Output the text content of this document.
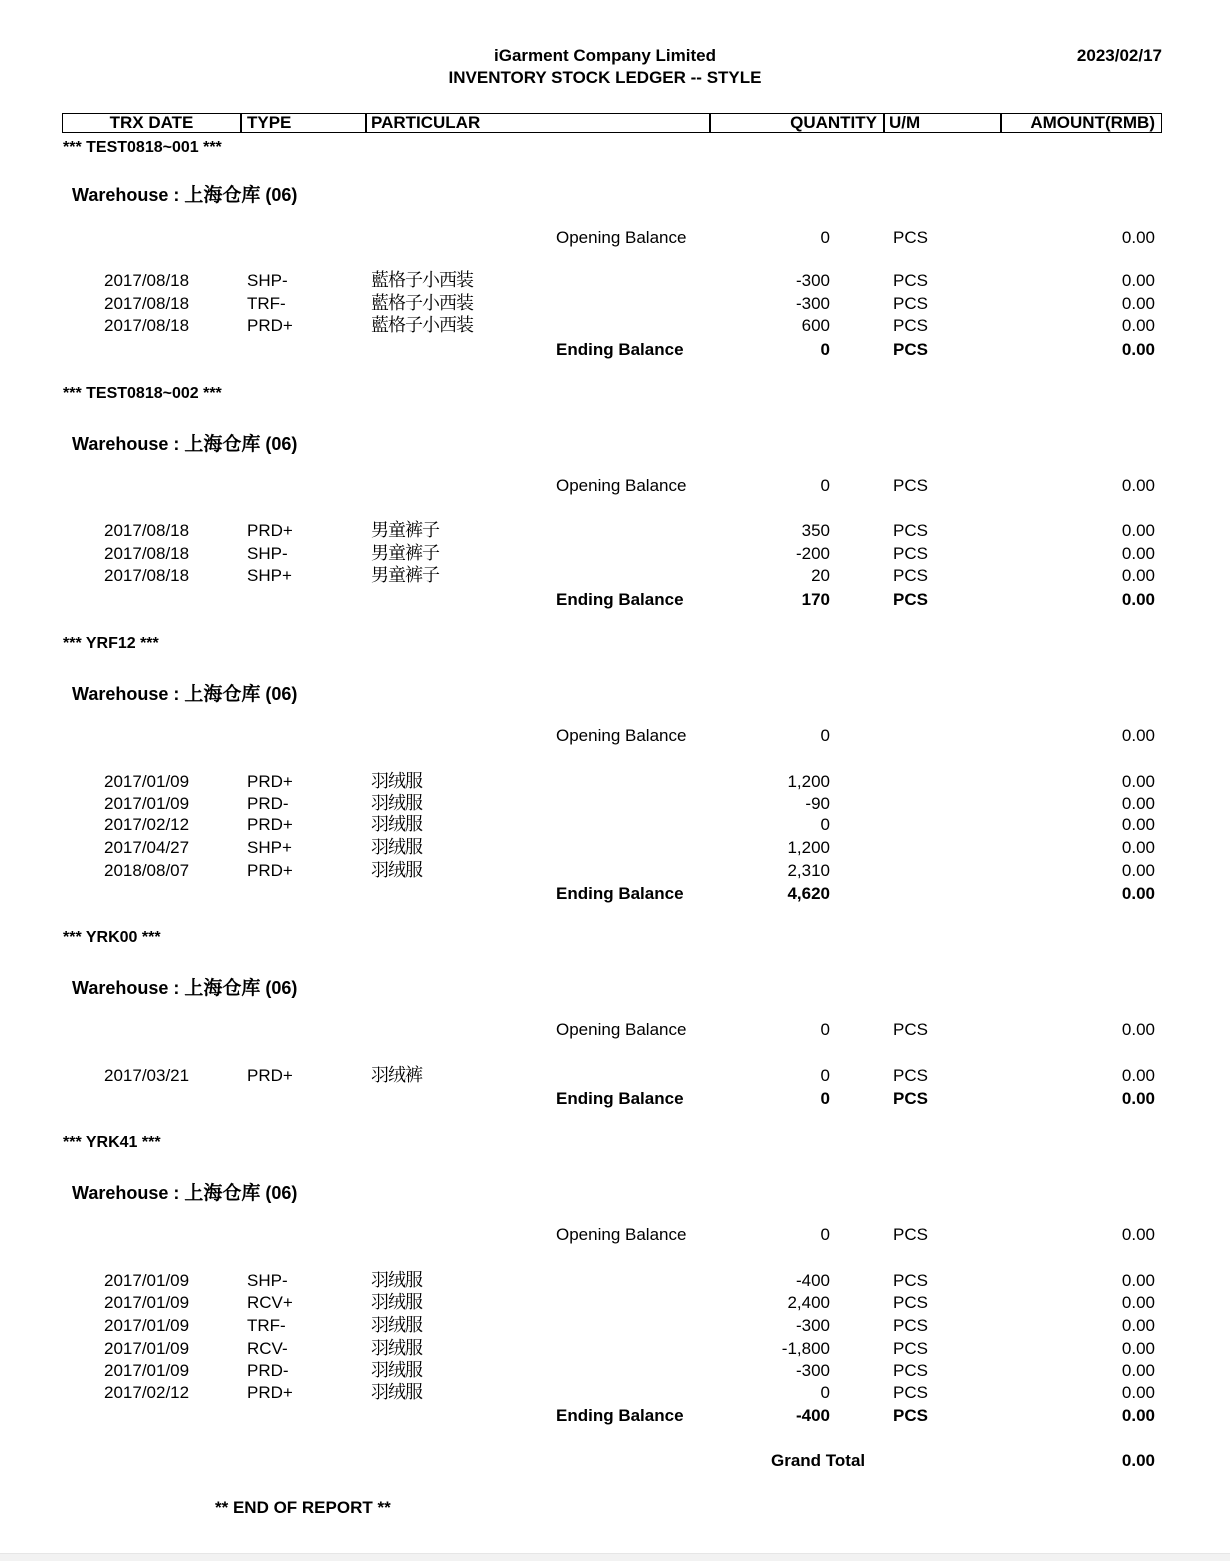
iGarment Company Limited
INVENTORY STOCK LEDGER -- STYLE
2023/02/17
TRX DATE	TYPE	PARTICULAR	QUANTITY U/M	AMOUNT(RMB)
*** TEST0818~001 ***
Warehouse : 上海仓库 (06)
Opening Balance	0	PCS	0.00
2017/08/18	SHP-	藍格子小西装	-300	PCS	0.00
2017/08/18	TRF-	藍格子小西装	-300	PCS	0.00
2017/08/18	PRD+	藍格子小西装	600	PCS	0.00
Ending Balance	0	PCS	0.00
*** TEST0818~002 ***
Warehouse : 上海仓库 (06)
Opening Balance	0	PCS	0.00
2017/08/18	PRD+	男童裤子	350	PCS	0.00
2017/08/18	SHP-	男童裤子	-200	PCS	0.00
2017/08/18	SHP+	男童裤子	20	PCS	0.00
Ending Balance	170	PCS	0.00
*** YRF12 ***
Warehouse : 上海仓库 (06)
Opening Balance	0	0.00
2017/01/09	PRD+	羽绒服	1,200	0.00
2017/01/09	PRD-	羽绒服	-90	0.00
2017/02/12	PRD+	羽绒服	0	0.00
2017/04/27	SHP+	羽绒服	1,200	0.00
2018/08/07	PRD+	羽绒服	2,310	0.00
Ending Balance	4,620	0.00
*** YRK00 ***
Warehouse : 上海仓库 (06)
Opening Balance	0	PCS	0.00
2017/03/21	PRD+	羽绒裤	0	PCS	0.00
Ending Balance	0	PCS	0.00
*** YRK41 ***
Warehouse : 上海仓库 (06)
Opening Balance	0	PCS	0.00
2017/01/09	SHP-	羽绒服	-400	PCS	0.00
2017/01/09	RCV+	羽绒服	2,400	PCS	0.00
2017/01/09	TRF-	羽绒服	-300	PCS	0.00
2017/01/09	RCV-	羽绒服	-1,800	PCS	0.00
2017/01/09	PRD-	羽绒服	-300	PCS	0.00
2017/02/12	PRD+	羽绒服	0	PCS	0.00
Ending Balance	-400	PCS	0.00
Grand Total	0.00
** END OF REPORT **
